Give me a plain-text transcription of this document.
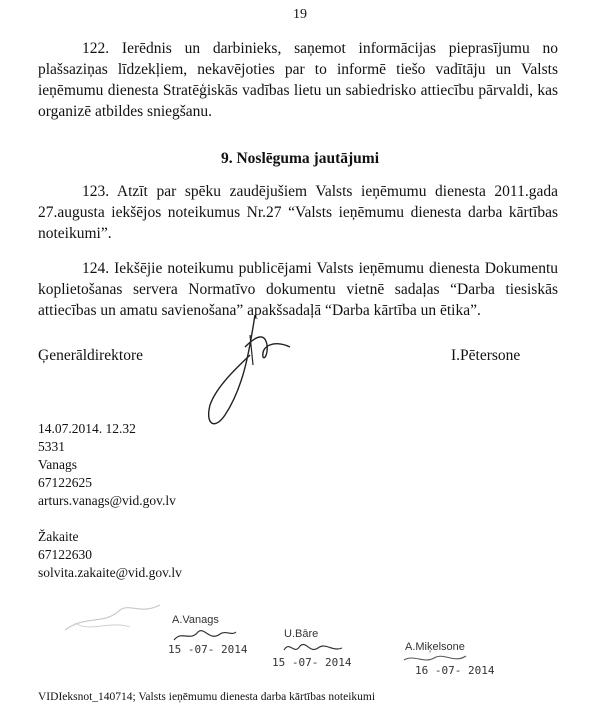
19
122. Ierēdnis un darbinieks, saņemot informācijas pieprasījumu no plašsaziņas līdzekļiem, nekavējoties par to informē tiešo vadītāju un Valsts ieņēmumu dienesta Stratēģiskās vadības lietu un sabiedrisko attiecību pārvaldi, kas organizē atbildes sniegšanu.
9. Noslēguma jautājumi
123. Atzīt par spēku zaudējušiem Valsts ieņēmumu dienesta 2011.gada 27.augusta iekšējos noteikumus Nr.27 “Valsts ieņēmumu dienesta darba kārtības noteikumi”.
124. Iekšējie noteikumu publicējami Valsts ieņēmumu dienesta Dokumentu koplietošanas servera Normatīvo dokumentu vietnē sadaļas “Darba tiesiskās attiecības un amatu savienošana” apakšsadaļā “Darba kārtība un ētika”.
Ģenerāldirektore	I.Pētersone
14.07.2014. 12.32
5331
Vanags
67122625
arturs.vanags@vid.gov.lv
Žakaite
67122630
solvita.zakaite@vid.gov.lv
A.Vanags
15 -07- 2014
U.Bāre
15 -07- 2014
A.Miķelsone
16 -07- 2014
VIDIeksnot_140714; Valsts ieņēmumu dienesta darba kārtības noteikumi
